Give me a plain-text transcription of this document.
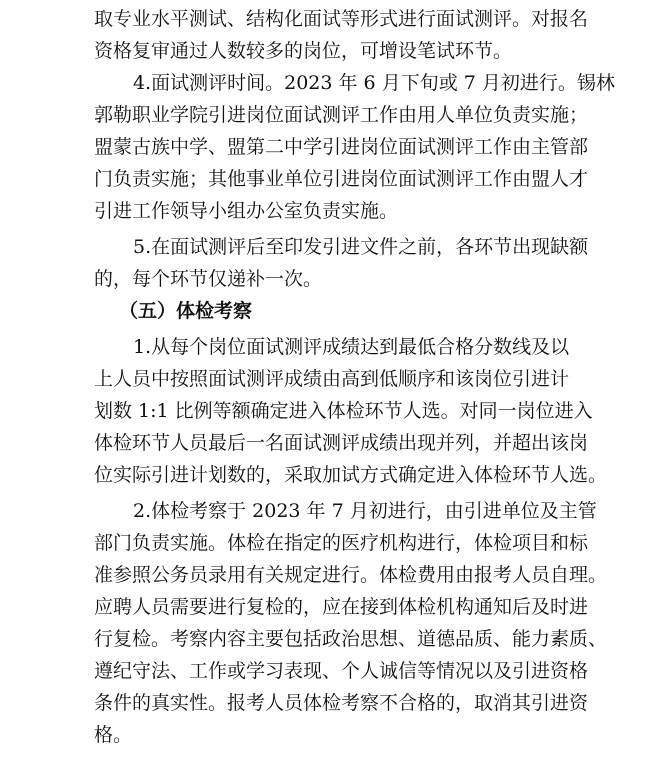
取专业水平测试、结构化面试等形式进行面试测评。对报名
资格复审通过人数较多的岗位，可增设笔试环节。
4.面试测评时间。2023 年 6 月下旬或 7 月初进行。锡林
郭勒职业学院引进岗位面试测评工作由用人单位负责实施；
盟蒙古族中学、盟第二中学引进岗位面试测评工作由主管部
门负责实施；其他事业单位引进岗位面试测评工作由盟人才
引进工作领导小组办公室负责实施。
5.在面试测评后至印发引进文件之前，各环节出现缺额
的，每个环节仅递补一次。
（五）体检考察
1.从每个岗位面试测评成绩达到最低合格分数线及以
上人员中按照面试测评成绩由高到低顺序和该岗位引进计
划数 1:1 比例等额确定进入体检环节人选。对同一岗位进入
体检环节人员最后一名面试测评成绩出现并列，并超出该岗
位实际引进计划数的，采取加试方式确定进入体检环节人选。
2.体检考察于 2023 年 7 月初进行，由引进单位及主管
部门负责实施。体检在指定的医疗机构进行，体检项目和标
准参照公务员录用有关规定进行。体检费用由报考人员自理。
应聘人员需要进行复检的，应在接到体检机构通知后及时进
行复检。考察内容主要包括政治思想、道德品质、能力素质、
遵纪守法、工作或学习表现、个人诚信等情况以及引进资格
条件的真实性。报考人员体检考察不合格的，取消其引进资
格。
